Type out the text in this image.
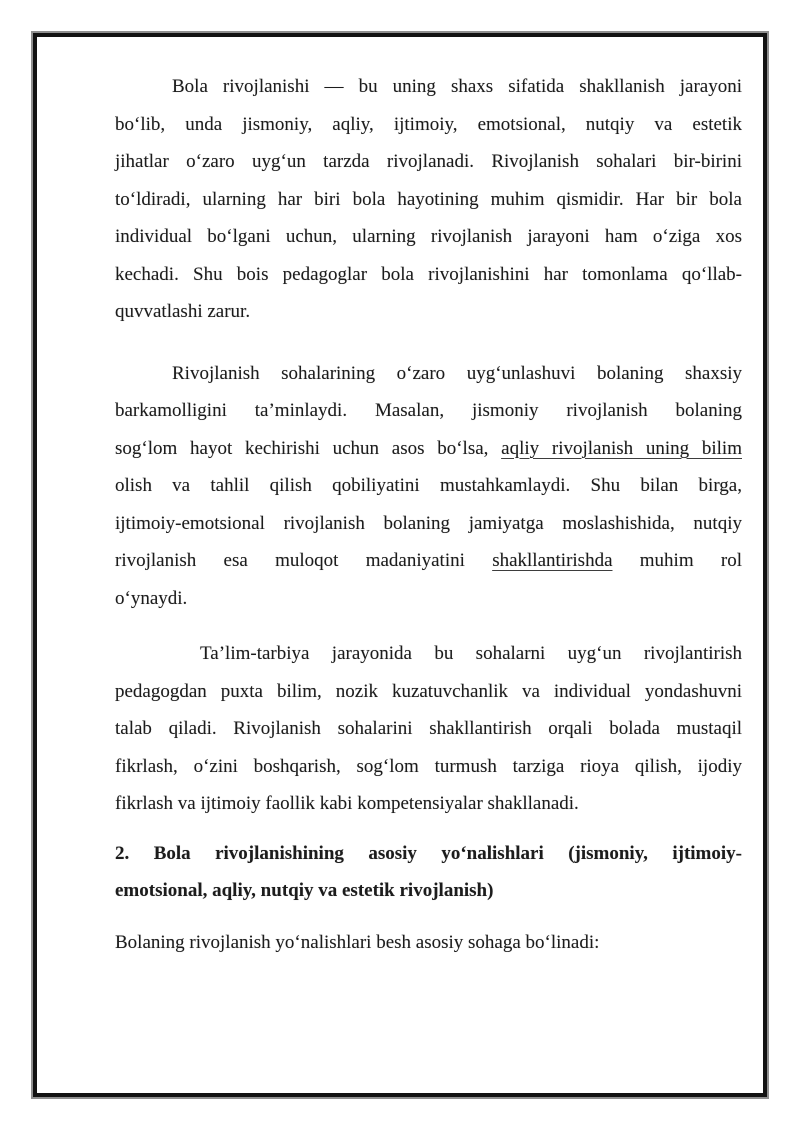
Bola rivojlanishi — bu uning shaxs sifatida shakllanish jarayoni
bo‘lib, unda jismoniy, aqliy, ijtimoiy, emotsional, nutqiy va estetik
jihatlar o‘zaro uyg‘un tarzda rivojlanadi. Rivojlanish sohalari bir-birini
to‘ldiradi, ularning har biri bola hayotining muhim qismidir. Har bir bola
individual bo‘lgani uchun, ularning rivojlanish jarayoni ham o‘ziga xos
kechadi. Shu bois pedagoglar bola rivojlanishini har tomonlama qo‘llab-
quvvatlashi zarur.
Rivojlanish sohalarining o‘zaro uyg‘unlashuvi bolaning shaxsiy
barkamolligini ta’minlaydi. Masalan, jismoniy rivojlanish bolaning
sog‘lom hayot kechirishi uchun asos bo‘lsa, aqliy rivojlanish uning bilim
olish va tahlil qilish qobiliyatini mustahkamlaydi. Shu bilan birga,
ijtimoiy-emotsional rivojlanish bolaning jamiyatga moslashishida, nutqiy
rivojlanish esa muloqot madaniyatini shakllantirishda muhim rol
o‘ynaydi.
Ta’lim-tarbiya jarayonida bu sohalarni uyg‘un rivojlantirish
pedagogdan puxta bilim, nozik kuzatuvchanlik va individual yondashuvni
talab qiladi. Rivojlanish sohalarini shakllantirish orqali bolada mustaqil
fikrlash, o‘zini boshqarish, sog‘lom turmush tarziga rioya qilish, ijodiy
fikrlash va ijtimoiy faollik kabi kompetensiyalar shakllanadi.
2. Bola rivojlanishining asosiy yo‘nalishlari (jismoniy, ijtimoiy-
emotsional, aqliy, nutqiy va estetik rivojlanish)
Bolaning rivojlanish yo‘nalishlari besh asosiy sohaga bo‘linadi:
